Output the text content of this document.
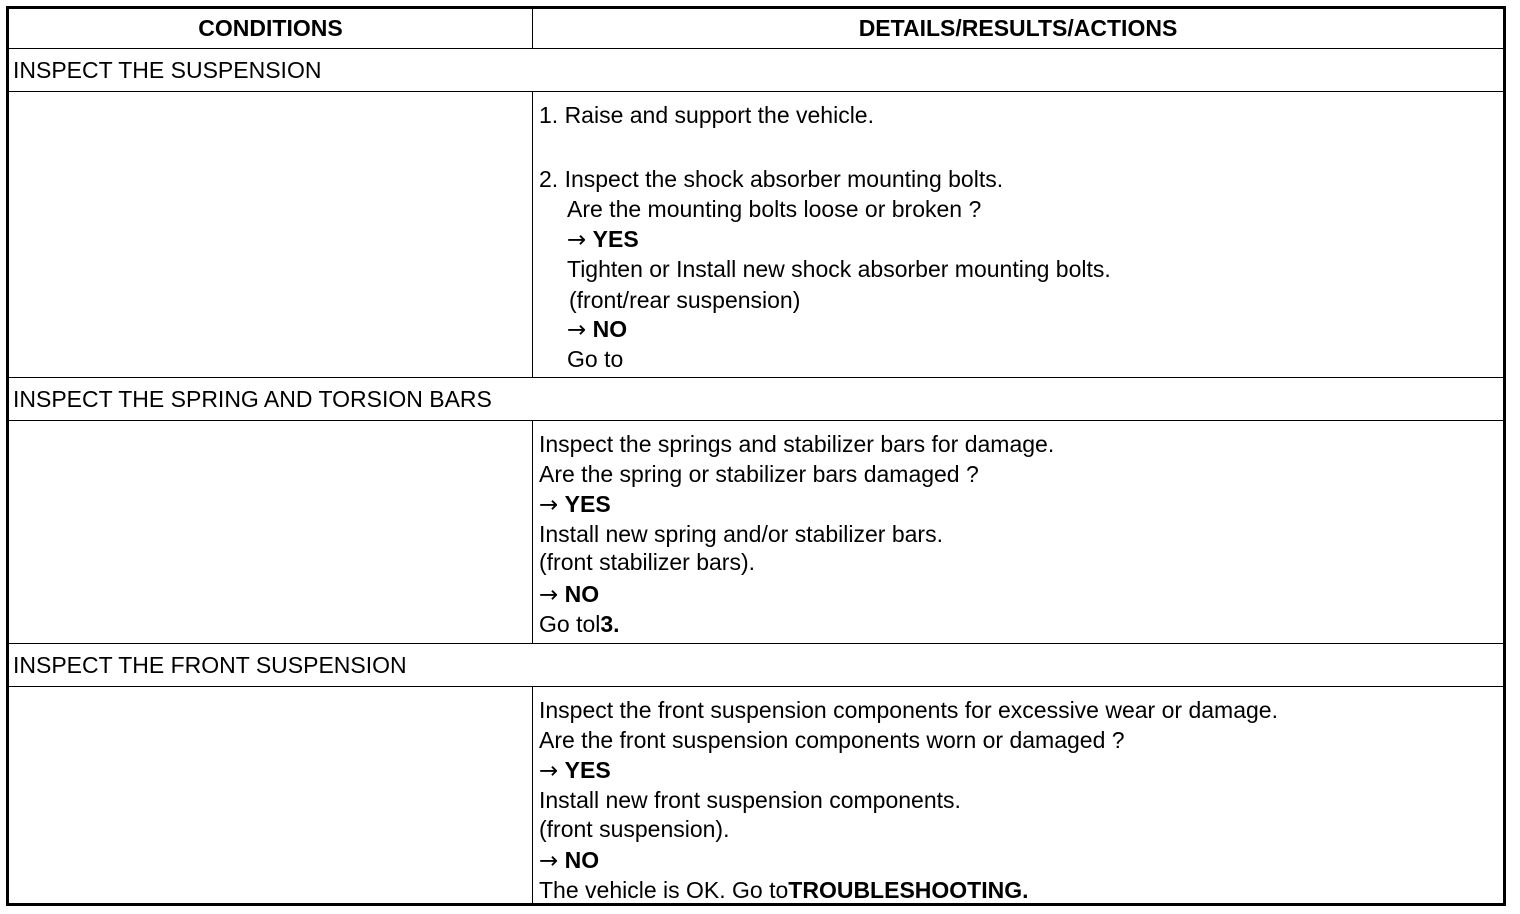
CONDITIONS	DETAILS/RESULTS/ACTIONS
INSPECT THE SUSPENSION
1. Raise and support the vehicle.
2. Inspect the shock absorber mounting bolts.
Are the mounting bolts loose or broken ?
→ YES
Tighten or Install new shock absorber mounting bolts.
(front/rear suspension)
→ NO
Go to
INSPECT THE SPRING AND TORSION BARS
Inspect the springs and stabilizer bars for damage.
Are the spring or stabilizer bars damaged ?
→ YES
Install new spring and/or stabilizer bars.
(front stabilizer bars).
→ NO
Go tol3.
INSPECT THE FRONT SUSPENSION
Inspect the front suspension components for excessive wear or damage.
Are the front suspension components worn or damaged ?
→ YES
Install new front suspension components.
(front suspension).
→ NO
The vehicle is OK. Go toTROUBLESHOOTING.
